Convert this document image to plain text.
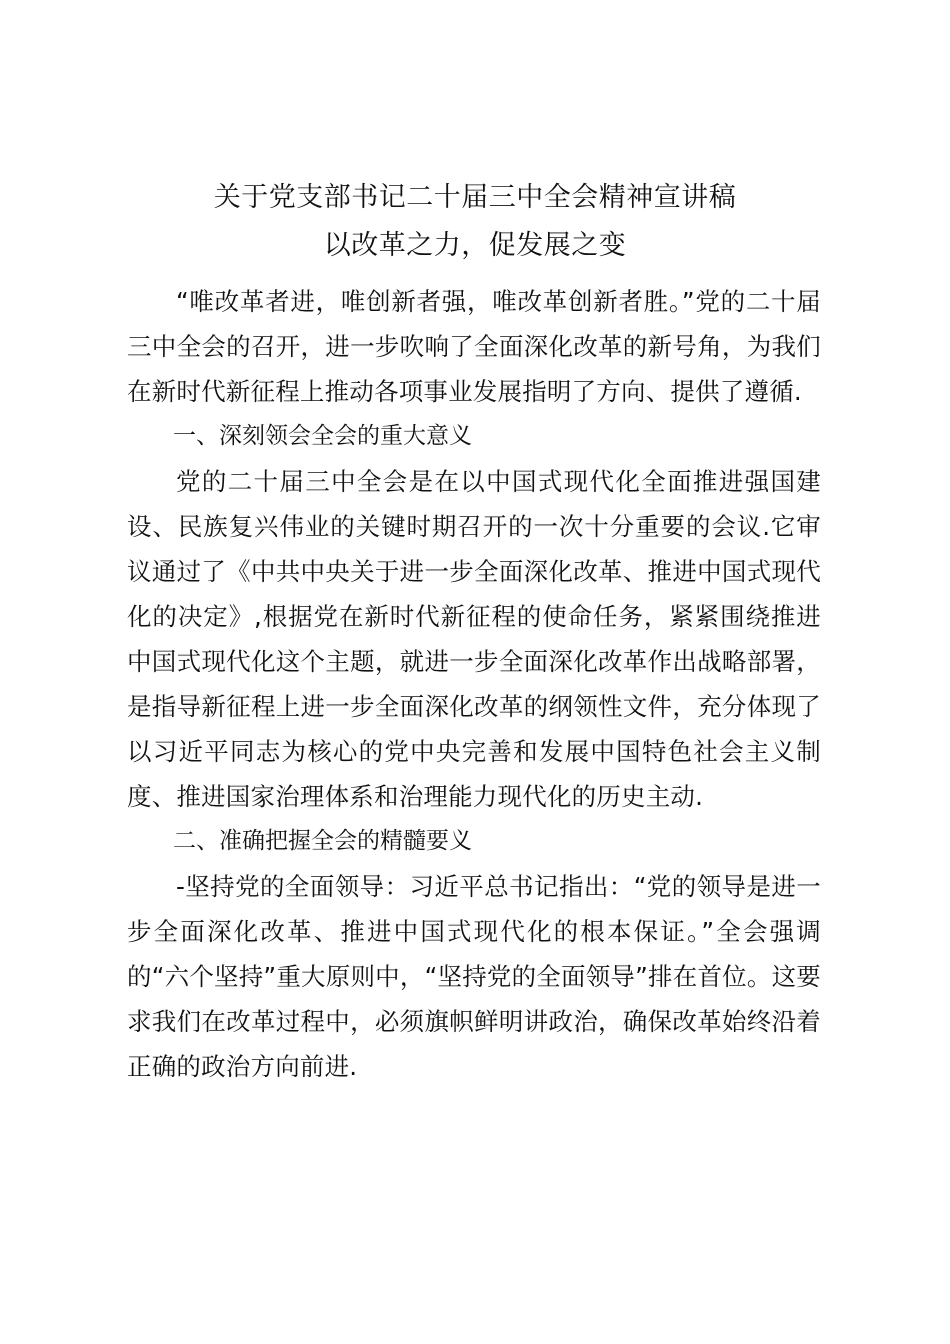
关于党支部书记二十届三中全会精神宣讲稿
以改革之力，促发展之变

“唯改革者进，唯创新者强，唯改革创新者胜。”党的二十届三中全会的召开，进一步吹响了全面深化改革的新号角，为我们在新时代新征程上推动各项事业发展指明了方向、提供了遵循.

一、深刻领会全会的重大意义

党的二十届三中全会是在以中国式现代化全面推进强国建设、民族复兴伟业的关键时期召开的一次十分重要的会议.它审议通过了《中共中央关于进一步全面深化改革、推进中国式现代化的决定》,根据党在新时代新征程的使命任务，紧紧围绕推进中国式现代化这个主题，就进一步全面深化改革作出战略部署，是指导新征程上进一步全面深化改革的纲领性文件，充分体现了以习近平同志为核心的党中央完善和发展中国特色社会主义制度、推进国家治理体系和治理能力现代化的历史主动.

二、准确把握全会的精髓要义

-坚持党的全面领导：习近平总书记指出：“党的领导是进一步全面深化改革、推进中国式现代化的根本保证。”全会强调的“六个坚持”重大原则中，“坚持党的全面领导”排在首位。这要求我们在改革过程中，必须旗帜鲜明讲政治，确保改革始终沿着正确的政治方向前进.
